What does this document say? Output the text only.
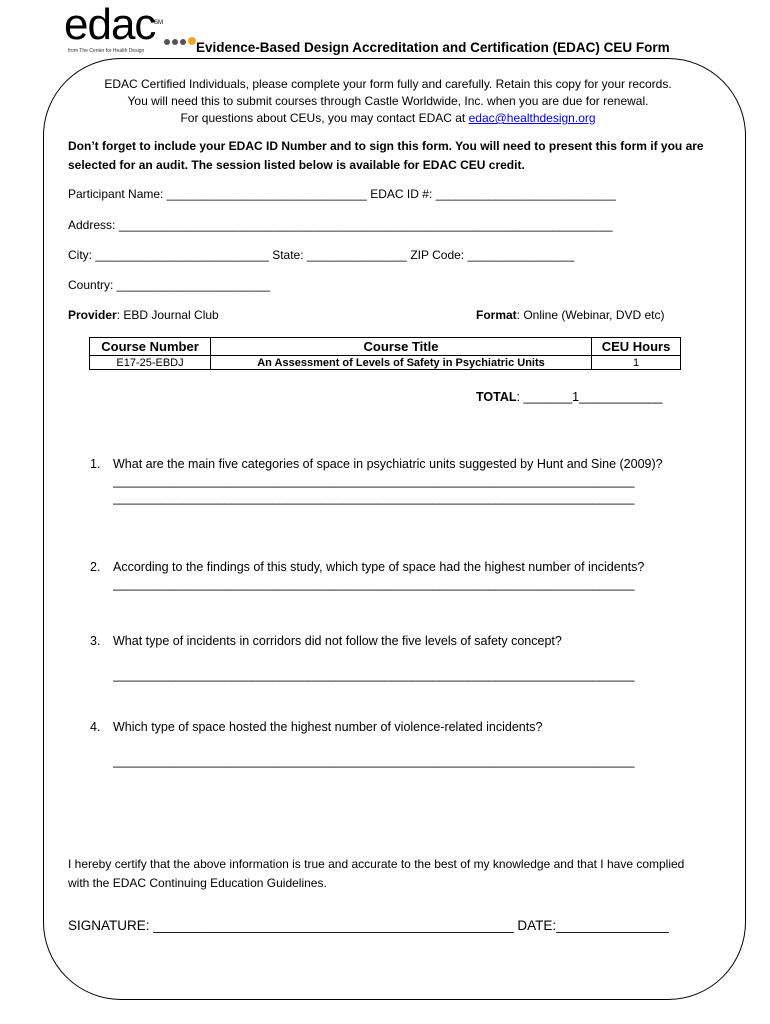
edac
SM
from The Center for Health Design	Evidence-Based Design Accreditation and Certification (EDAC) CEU Form
EDAC Certified Individuals, please complete your form fully and carefully. Retain this copy for your records.
You will need this to submit courses through Castle Worldwide, Inc. when you are due for renewal.
For questions about CEUs, you may contact EDAC at edac@healthdesign.org
Don’t forget to include your EDAC ID Number and to sign this form. You will need to present this form if you are selected for an audit. The session listed below is available for EDAC CEU credit.
Participant Name: ______________________________ EDAC ID #: ___________________________
Address: __________________________________________________________________________
City: __________________________ State: _______________ ZIP Code: ________________
Country: _______________________
Provider: EBD Journal Club	Format: Online (Webinar, DVD etc)
Course Number	Course Title	CEU Hours
E17-25-EBDJ	An Assessment of Levels of Safety in Psychiatric Units	1
TOTAL: _______1____________
1. What are the main five categories of space in psychiatric units suggested by Hunt and Sine (2009)?
___________________________________________________________________________
___________________________________________________________________________
2. According to the findings of this study, which type of space had the highest number of incidents?
___________________________________________________________________________
3. What type of incidents in corridors did not follow the five levels of safety concept?
___________________________________________________________________________
4. Which type of space hosted the highest number of violence-related incidents?
___________________________________________________________________________
I hereby certify that the above information is true and accurate to the best of my knowledge and that I have complied with the EDAC Continuing Education Guidelines.
SIGNATURE: ________________________________________________ DATE:_______________
